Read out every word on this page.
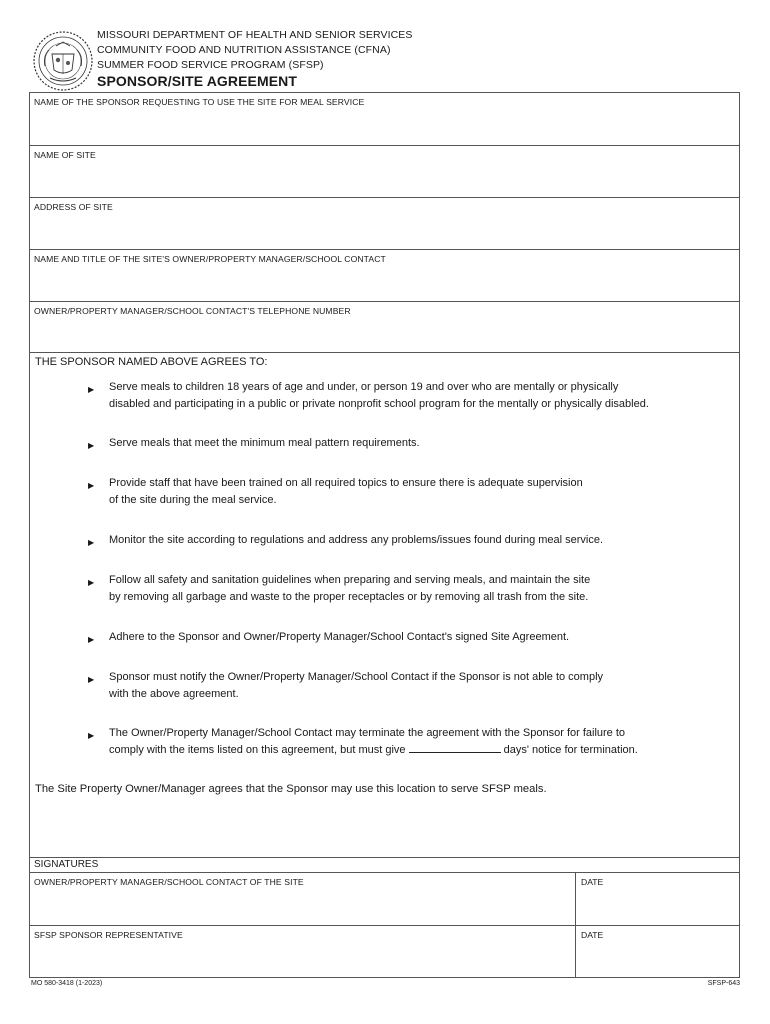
MISSOURI DEPARTMENT OF HEALTH AND SENIOR SERVICES
COMMUNITY FOOD AND NUTRITION ASSISTANCE (CFNA)
SUMMER FOOD SERVICE PROGRAM (SFSP)
SPONSOR/SITE AGREEMENT
NAME OF THE SPONSOR REQUESTING TO USE THE SITE FOR MEAL SERVICE
NAME OF SITE
ADDRESS OF SITE
NAME AND TITLE OF THE SITE'S OWNER/PROPERTY MANAGER/SCHOOL CONTACT
OWNER/PROPERTY MANAGER/SCHOOL CONTACT'S TELEPHONE NUMBER
THE SPONSOR NAMED ABOVE AGREES TO:
▶ Serve meals to children 18 years of age and under, or person 19 and over who are mentally or physically
disabled and participating in a public or private nonprofit school program for the mentally or physically disabled.
▶ Serve meals that meet the minimum meal pattern requirements.
▶ Provide staff that have been trained on all required topics to ensure there is adequate supervision
of the site during the meal service.
▶ Monitor the site according to regulations and address any problems/issues found during meal service.
▶ Follow all safety and sanitation guidelines when preparing and serving meals, and maintain the site
by removing all garbage and waste to the proper receptacles or by removing all trash from the site.
▶ Adhere to the Sponsor and Owner/Property Manager/School Contact's signed Site Agreement.
▶ Sponsor must notify the Owner/Property Manager/School Contact if the Sponsor is not able to comply
with the above agreement.
▶ The Owner/Property Manager/School Contact may terminate the agreement with the Sponsor for failure to
comply with the items listed on this agreement, but must give	days' notice for termination.
The Site Property Owner/Manager agrees that the Sponsor may use this location to serve SFSP meals.
SIGNATURES
OWNER/PROPERTY MANAGER/SCHOOL CONTACT OF THE SITE	DATE
SFSP SPONSOR REPRESENTATIVE	DATE
MO 580-3418 (1-2023)	SFSP-643
